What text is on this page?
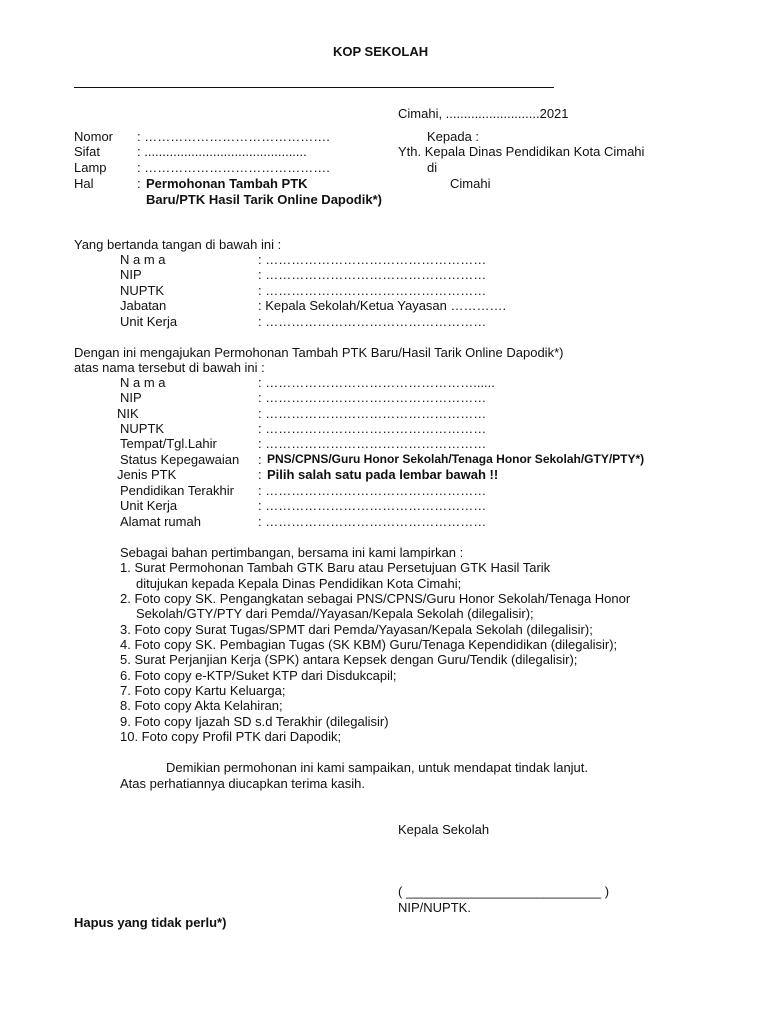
KOP SEKOLAH
Cimahi, ..........................2021
Nomor : …………………………………….
Sifat	: .............................................
Lamp : …………………………………….
Hal	: Permohonan Tambah PTK
Baru/PTK Hasil Tarik Online Dapodik*)
Kepada :
Yth. Kepala Dinas Pendidikan Kota Cimahi
di
Cimahi
Yang bertanda tangan di bawah ini :
N a m a	: ……………………………………………
NIP	: ……………………………………………
NUPTK	: ……………………………………………
Jabatan	: Kepala Sekolah/Ketua Yayasan ………….
Unit Kerja	: ……………………………………………
Dengan ini mengajukan Permohonan Tambah PTK Baru/Hasil Tarik Online Dapodik*)
atas nama tersebut di bawah ini :
N a m a	: …………………………………………......
NIP	: ……………………………………………
NIK	: ……………………………………………
NUPTK	: ……………………………………………
Tempat/Tgl.Lahir	: ……………………………………………
Status Kepegawaian : PNS/CPNS/Guru Honor Sekolah/Tenaga Honor Sekolah/GTY/PTY*)
Jenis PTK	: Pilih salah satu pada lembar bawah !!
Pendidikan Terakhir : ……………………………………………
Unit Kerja	: ……………………………………………
Alamat rumah	: ……………………………………………
Sebagai bahan pertimbangan, bersama ini kami lampirkan :
1. Surat Permohonan Tambah GTK Baru atau Persetujuan GTK Hasil Tarik
ditujukan kepada Kepala Dinas Pendidikan Kota Cimahi;
2. Foto copy SK. Pengangkatan sebagai PNS/CPNS/Guru Honor Sekolah/Tenaga Honor
Sekolah/GTY/PTY dari Pemda//Yayasan/Kepala Sekolah (dilegalisir);
3. Foto copy Surat Tugas/SPMT dari Pemda/Yayasan/Kepala Sekolah (dilegalisir);
4. Foto copy SK. Pembagian Tugas (SK KBM) Guru/Tenaga Kependidikan (dilegalisir);
5. Surat Perjanjian Kerja (SPK) antara Kepsek dengan Guru/Tendik (dilegalisir);
6. Foto copy e-KTP/Suket KTP dari Disdukcapil;
7. Foto copy Kartu Keluarga;
8. Foto copy Akta Kelahiran;
9. Foto copy Ijazah SD s.d Terakhir (dilegalisir)
10. Foto copy Profil PTK dari Dapodik;
Demikian permohonan ini kami sampaikan, untuk mendapat tindak lanjut.
Atas perhatiannya diucapkan terima kasih.
Kepala Sekolah
( ___________________________ )
NIP/NUPTK.
Hapus yang tidak perlu*)
